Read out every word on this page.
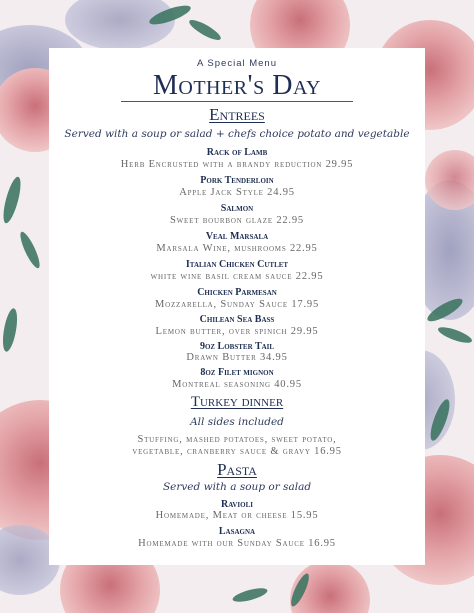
A Special Menu
Mother's Day
Entrees
Served with a soup or salad + chefs choice potato and vegetable
Rack of Lamb
Herb Encrusted with a brandy reduction 29.95
Pork Tenderloin
Apple Jack Style 24.95
Salmon
Sweet bourbon glaze 22.95
Veal Marsala
Marsala Wine, mushrooms 22.95
Italian Chicken Cutlet
white wine basil cream sauce 22.95
Chicken Parmesan
Mozzarella, Sunday Sauce 17.95
Chilean Sea Bass
Lemon butter, over spinich 29.95
9oz Lobster Tail
Drawn Butter 34.95
8oz Filet mignon
Montreal seasoning 40.95
Turkey dinner
All sides included
Stuffing, mashed potatoes, sweet potato,
vegetable, cranberry sauce & gravy 16.95
Pasta
Served with a soup or salad
Ravioli
Homemade, Meat or cheese 15.95
Lasagna
Homemade with our Sunday Sauce 16.95
